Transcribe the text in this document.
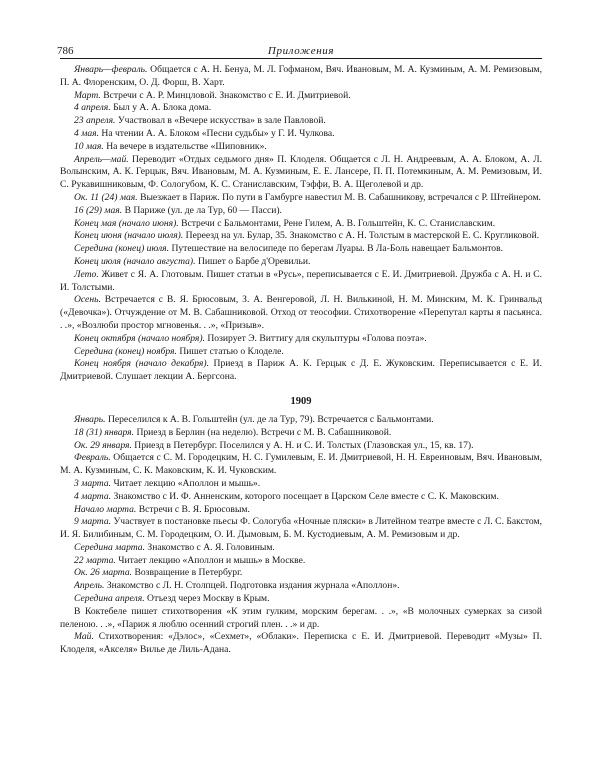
786	Приложения

Январь—февраль. Общается с А. Н. Бенуа, М. Л. Гофманом, Вяч. Ивановым, М. А. Кузминым, А. М. Ремизовым, П. А. Флоренским, О. Д. Форш, В. Харт.

Март. Встречи с А. Р. Минцловой. Знакомство с Е. И. Дмитриевой.

4 апреля. Был у А. А. Блока дома.

23 апреля. Участвовал в «Вечере искусства» в зале Павловой.

4 мая. На чтении А. А. Блоком «Песни судьбы» у Г. И. Чулкова.

10 мая. На вечере в издательстве «Шиповник».

Апрель—май. Переводит «Отдых седьмого дня» П. Клоделя. Общается с Л. Н. Андреевым, А. А. Блоком, А. Л. Волынским, А. К. Герцык, Вяч. Ивановым, М. А. Кузминым, Е. Е. Лансере, П. П. Потемкиным, А. М. Ремизовым, И. С. Рукавишниковым, Ф. Сологубом, К. С. Станиславским, Тэффи, В. А. Щеголевой и др.

Ок. 11 (24) мая. Выезжает в Париж. По пути в Гамбурге навестил М. В. Сабашникову, встречался с Р. Штейнером.

16 (29) мая. В Париже (ул. де ла Тур, 60 — Пасси).

Конец мая (начало июня). Встречи с Бальмонтами, Рене Гилем, А. В. Гольштейн, К. С. Станиславским.

Конец июня (начало июля). Переезд на ул. Булар, 35. Знакомство с А. Н. Толстым в мастерской Е. С. Кругликовой.

Середина (конец) июля. Путешествие на велосипеде по берегам Луары. В Ла-Боль навещает Бальмонтов.

Конец июля (начало августа). Пишет о Барбе д'Оревильи.

Лето. Живет с Я. А. Глотовым. Пишет статьи в «Русь», переписывается с Е. И. Дмитриевой. Дружба с А. Н. и С. И. Толстыми.

Осень. Встречается с В. Я. Брюсовым, З. А. Венгеровой, Л. Н. Вилькиной, Н. М. Минским, М. К. Гринвальд («Девочка»). Отчуждение от М. В. Сабашниковой. Отход от теософии. Стихотворение «Перепутал карты я пасьянса. . .», «Возлюби простор мгновенья. . .», «Призыв».

Конец октября (начало ноября). Позирует Э. Виттигу для скульптуры «Голова поэта».

Середина (конец) ноября. Пишет статью о Клоделе.

Конец ноября (начало декабря). Приезд в Париж А. К. Герцык с Д. Е. Жуковским. Переписывается с Е. И. Дмитриевой. Слушает лекции А. Бергсона.

1909

Январь. Переселился к А. В. Гольштейн (ул. де ла Тур, 79). Встречается с Бальмонтами.

18 (31) января. Приезд в Берлин (на неделю). Встречи с М. В. Сабашниковой.

Ок. 29 января. Приезд в Петербург. Поселился у А. Н. и С. И. Толстых (Глазовская ул., 15, кв. 17).

Февраль. Общается с С. М. Городецким, Н. С. Гумилевым, Е. И. Дмитриевой, Н. Н. Евреиновым, Вяч. Ивановым, М. А. Кузминым, С. К. Маковским, К. И. Чуковским.

3 марта. Читает лекцию «Аполлон и мышь».

4 марта. Знакомство с И. Ф. Анненским, которого посещает в Царском Селе вместе с С. К. Маковским.

Начало марта. Встречи с В. Я. Брюсовым.

9 марта. Участвует в постановке пьесы Ф. Сологуба «Ночные пляски» в Литейном театре вместе с Л. С. Бакстом, И. Я. Билибиным, С. М. Городецким, О. И. Дымовым, Б. М. Кустодиевым, А. М. Ремизовым и др.

Середина марта. Знакомство с А. Я. Головиным.

22 марта. Читает лекцию «Аполлон и мышь» в Москве.

Ок. 26 марта. Возвращение в Петербург.

Апрель. Знакомство с Л. Н. Столпцей. Подготовка издания журнала «Аполлон».

Середина апреля. Отъезд через Москву в Крым.

В Коктебеле пишет стихотворения «К этим гулким, морским берегам. . .», «В молочных сумерках за сизой пеленою. . .», «Париж я люблю осенний строгий плен. . .» и др.

Май. Стихотворения: «Дэлос», «Сехмет», «Облаки». Переписка с Е. И. Дмитриевой. Переводит «Музы» П. Клоделя, «Акселя» Вилье де Лиль-Адана.
